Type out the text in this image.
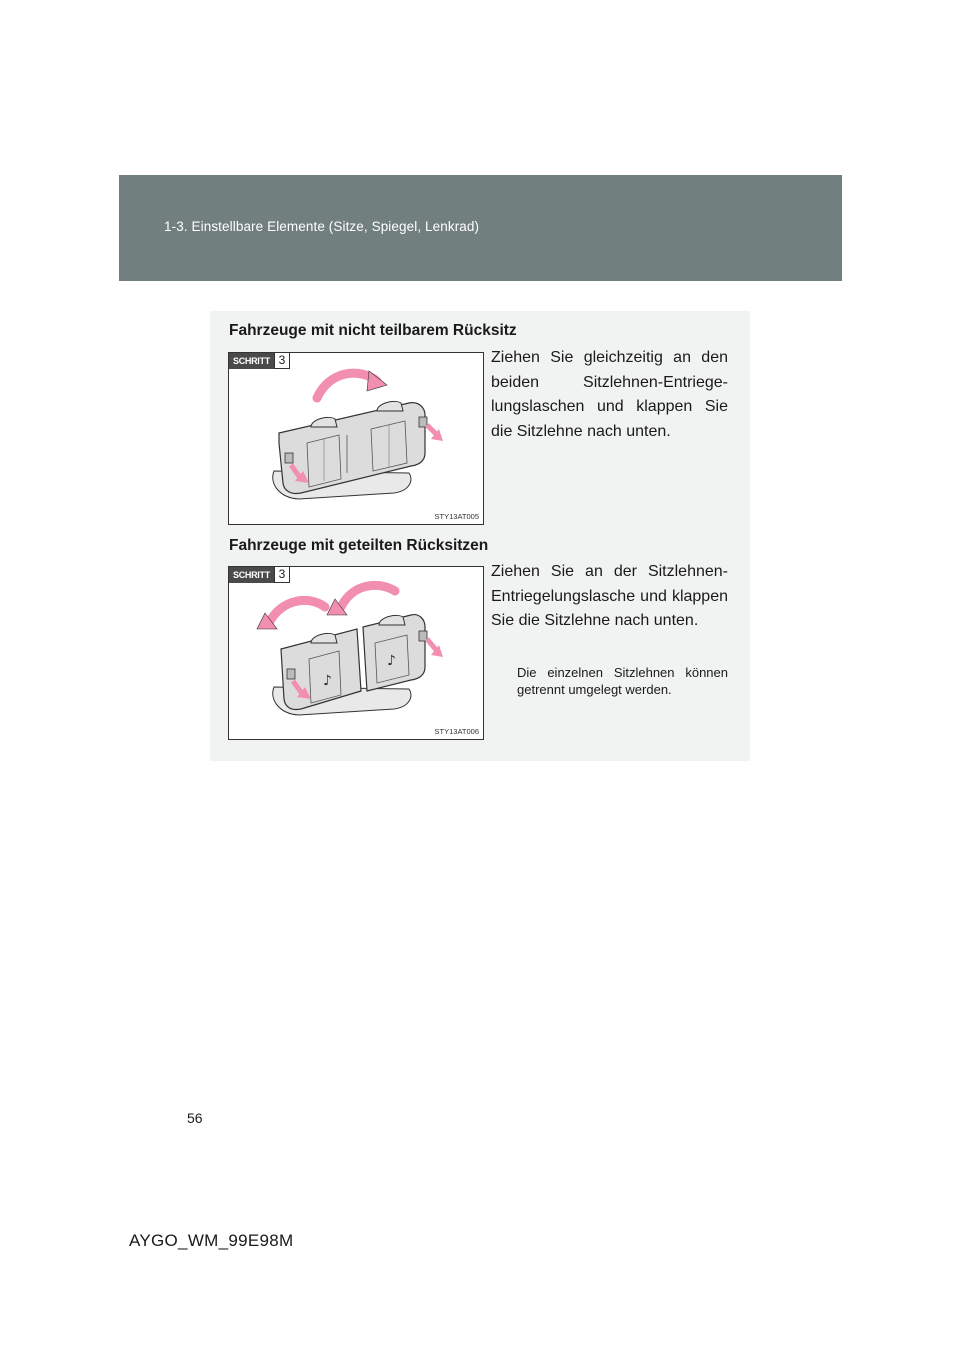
1-3. Einstellbare Elemente (Sitze, Spiegel, Lenkrad)
Fahrzeuge mit nicht teilbarem Rücksitz
SCHRITT 3
STY13AT005
Ziehen Sie gleichzeitig an den beiden Sitzlehnen-Entriegelungslaschen und klappen Sie die Sitzlehne nach unten.
Fahrzeuge mit geteilten Rücksitzen
♪
♪
SCHRITT 3
STY13AT006
Ziehen Sie an der Sitzlehnen-Entriegelungslasche und klappen Sie die Sitzlehne nach unten.
Die einzelnen Sitzlehnen können getrennt umgelegt werden.
56
AYGO_WM_99E98M
